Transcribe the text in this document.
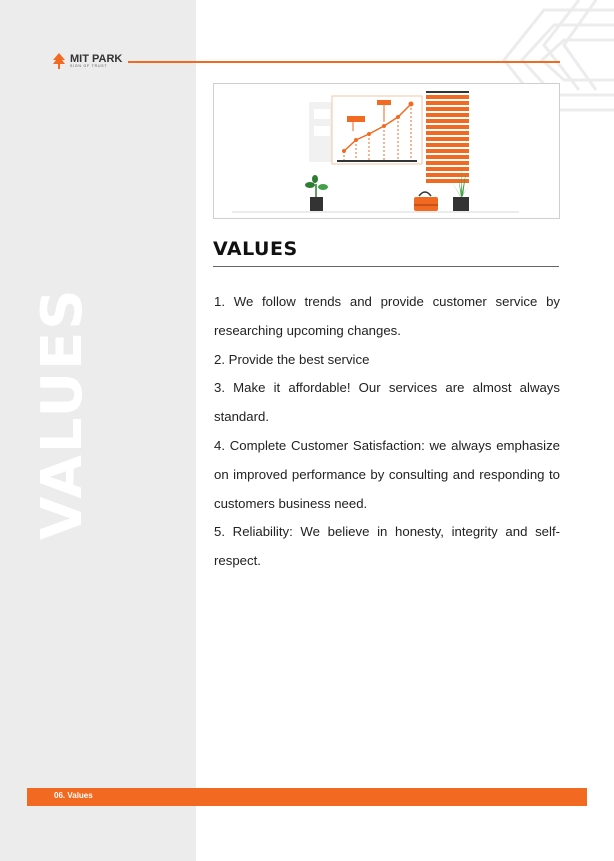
VALUES
MIT PARK
SIGN OF TRUST
VALUES
1. We follow trends and provide customer service by researching upcoming changes.
2. Provide the best service
3. Make it affordable! Our services are almost always standard.
4. Complete Customer Satisfaction: we always emphasize on improved performance by consulting and responding to customers business need.
5. Reliability: We believe in honesty, integrity and self-respect.
06. Values
